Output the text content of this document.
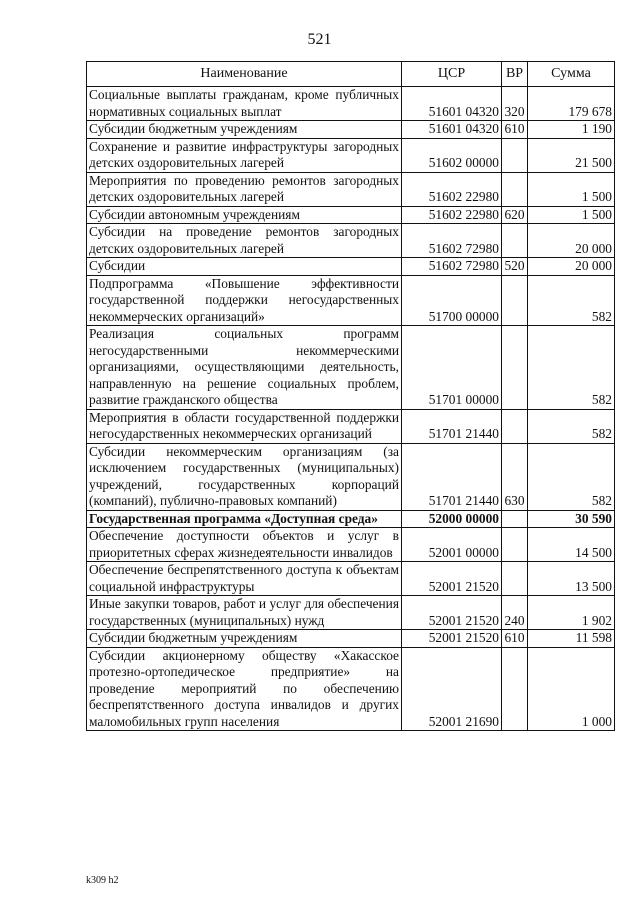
521
Наименование	ЦСР	ВР	Сумма
Социальные выплаты гражданам, кроме публичных нормативных социальных выплат	51601 04320	320	179 678
Субсидии бюджетным учреждениям	51601 04320	610	1 190
Сохранение и развитие инфраструктуры загородных детских оздоровительных лагерей	51602 00000		21 500
Мероприятия по проведению ремонтов загородных детских оздоровительных лагерей	51602 22980		1 500
Субсидии автономным учреждениям	51602 22980	620	1 500
Субсидии на проведение ремонтов загородных детских оздоровительных лагерей	51602 72980		20 000
Субсидии	51602 72980	520	20 000
Подпрограмма «Повышение эффективности государственной поддержки негосударственных некоммерческих организаций»	51700 00000		582
Реализация социальных программ негосударственными некоммерческими организациями, осуществляющими деятельность, направленную на решение социальных проблем, развитие гражданского общества	51701 00000		582
Мероприятия в области государственной поддержки негосударственных некоммерческих организаций	51701 21440		582
Субсидии некоммерческим организациям (за исключением государственных (муниципальных) учреждений, государственных корпораций (компаний), публично-правовых компаний)	51701 21440	630	582
Государственная программа «Доступная среда»	52000 00000		30 590
Обеспечение доступности объектов и услуг в приоритетных сферах жизнедеятельности инвалидов	52001 00000		14 500
Обеспечение беспрепятственного доступа к объектам социальной инфраструктуры	52001 21520		13 500
Иные закупки товаров, работ и услуг для обеспечения государственных (муниципальных) нужд	52001 21520	240	1 902
Субсидии бюджетным учреждениям	52001 21520	610	11 598
Субсидии акционерному обществу «Хакасское протезно-ортопедическое предприятие» на проведение мероприятий по обеспечению беспрепятственного доступа инвалидов и других маломобильных групп населения	52001 21690		1 000
k309 h2
